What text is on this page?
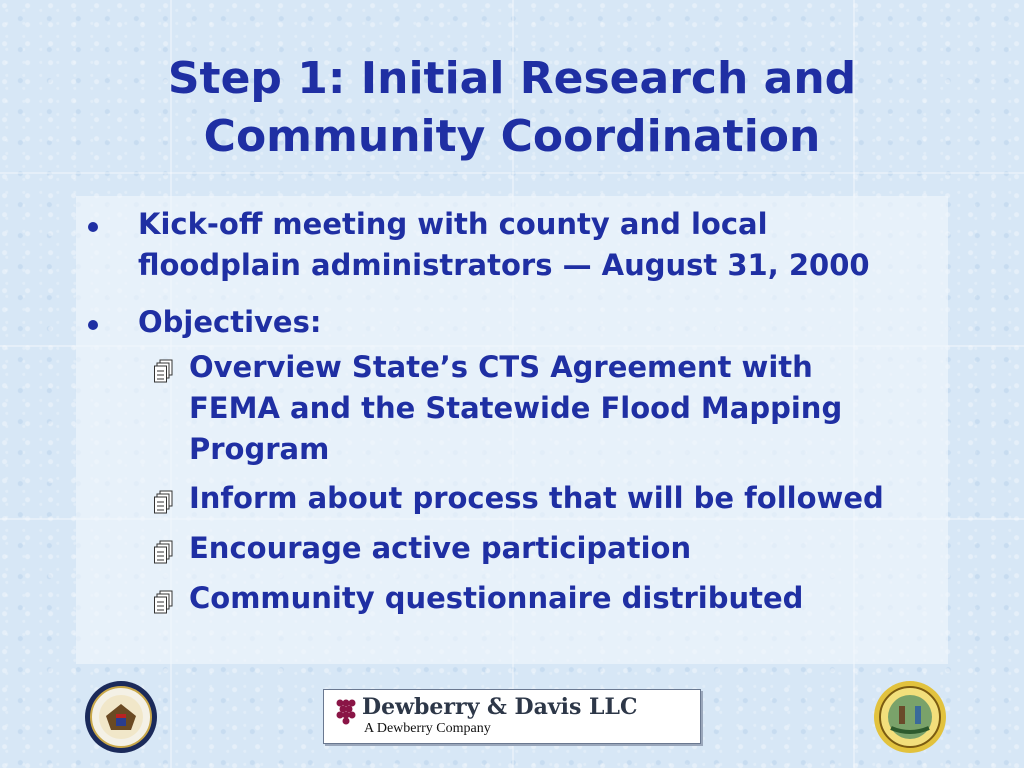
Step 1: Initial Research and
Community Coordination
Kick-off meeting with county and local
floodplain administrators — August 31, 2000
Objectives:
Overview State’s CTS Agreement with
FEMA and the Statewide Flood Mapping
Program
Inform about process that will be followed
Encourage active participation
Community questionnaire distributed
Dewberry & Davis LLC
A Dewberry Company
